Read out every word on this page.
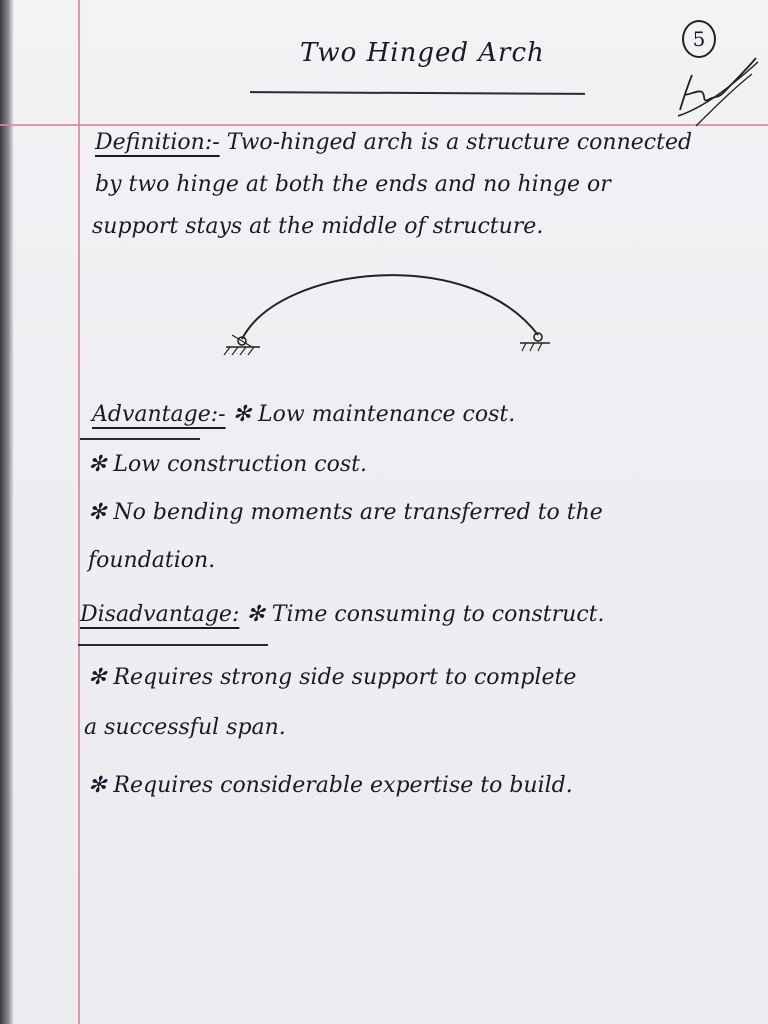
Two Hinged Arch	5
Definition:- Two-hinged arch is a structure connected
by two hinge at both the ends and no hinge or
support stays at the middle of structure.
Advantage:- ✻ Low maintenance cost.
✻ Low construction cost.
✻ No bending moments are transferred to the
foundation.
Disadvantage: ✻ Time consuming to construct.
✻ Requires strong side support to complete
a successful span.
✻ Requires considerable expertise to build.
